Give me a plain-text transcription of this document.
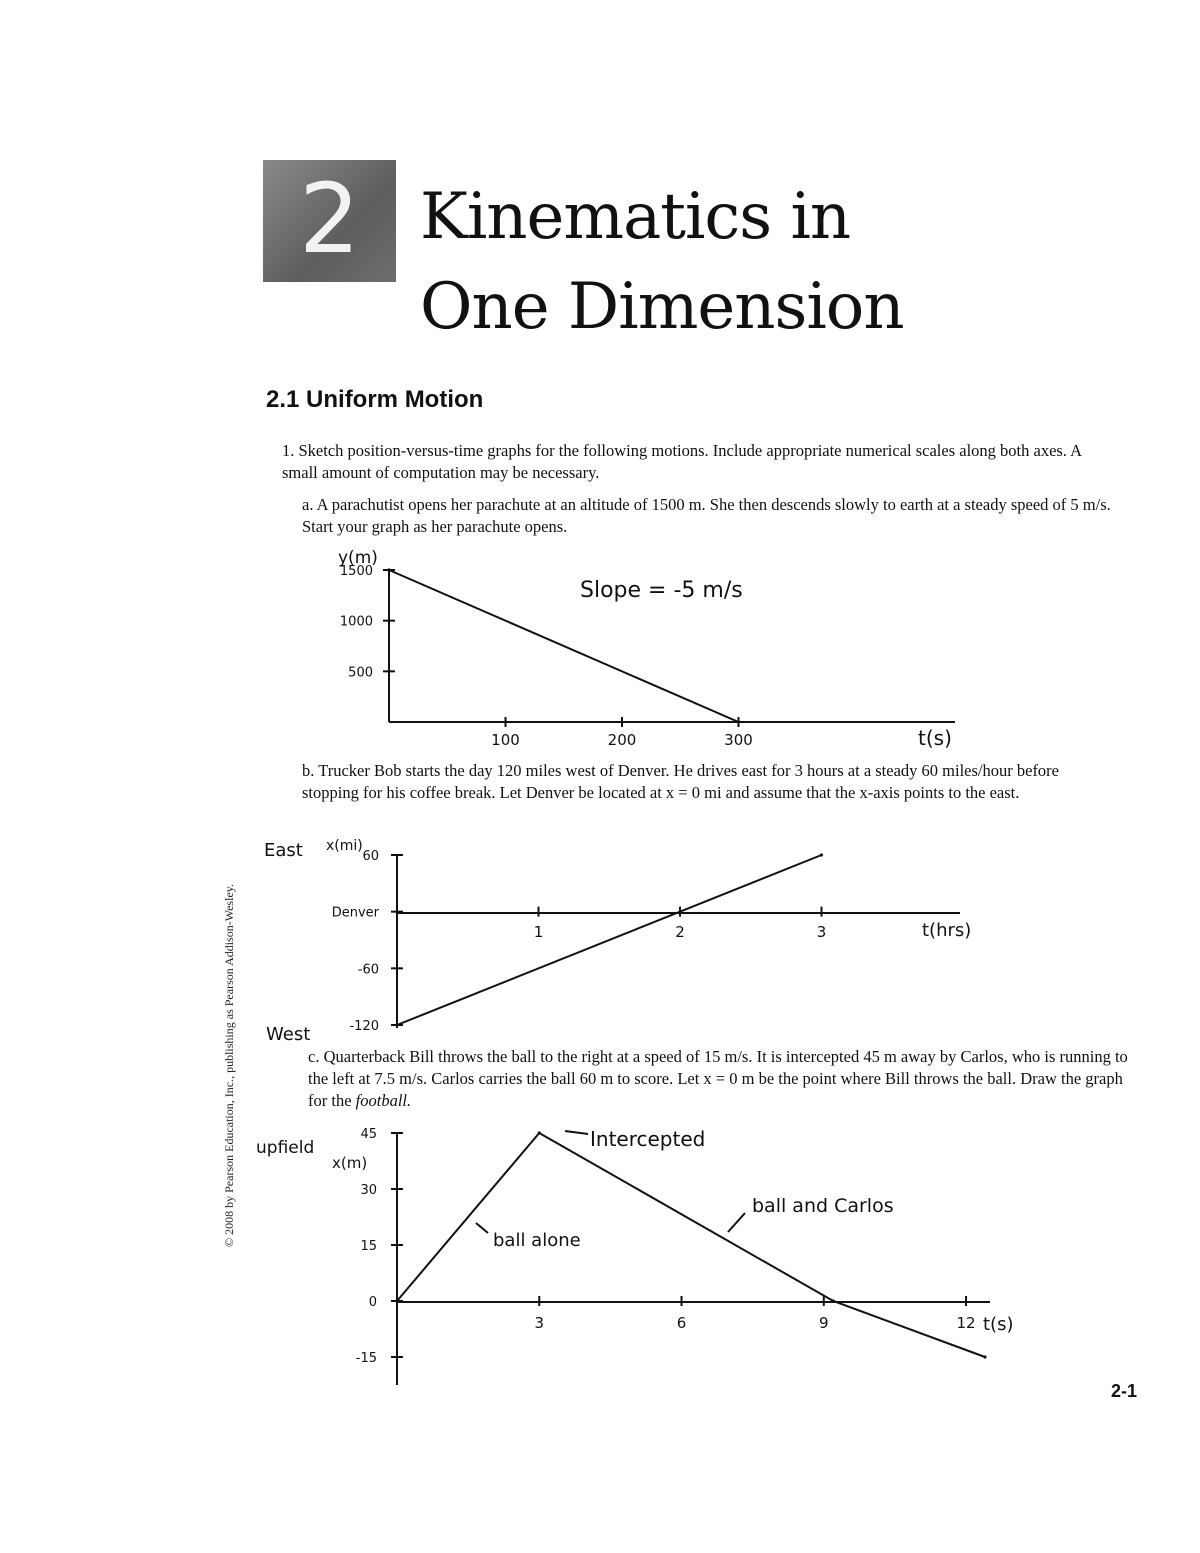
2 Kinematics in
One Dimension
2.1 Uniform Motion
1. Sketch position-versus-time graphs for the following motions. Include appropriate numerical scales along both axes. A small amount of computation may be necessary.
a. A parachutist opens her parachute at an altitude of 1500 m. She then descends slowly to earth at a steady speed of 5 m/s. Start your graph as her parachute opens.
b. Trucker Bob starts the day 120 miles west of Denver. He drives east for 3 hours at a steady 60 miles/hour before stopping for his coffee break. Let Denver be located at x = 0 mi and assume that the x-axis points to the east.
c. Quarterback Bill throws the ball to the right at a speed of 15 m/s. It is intercepted 45 m away by Carlos, who is running to the left at 7.5 m/s. Carlos carries the ball 60 m to score. Let x = 0 m be the point where Bill throws the ball. Draw the graph for the football.
© 2008 by Pearson Education, Inc., publishing as Pearson Addison-Wesley.
2-1
y(m)
t(s)
Slope = -5 m/s
100	200	300
500
1000
1500
x(mi)
t(hrs)
East
West
1	2	3
60
Denver
-60
-120
x(m)
t(s)
upfield	Intercepted
ball alone
ball and Carlos
3	6	9	12
45
30
15
0
-15
